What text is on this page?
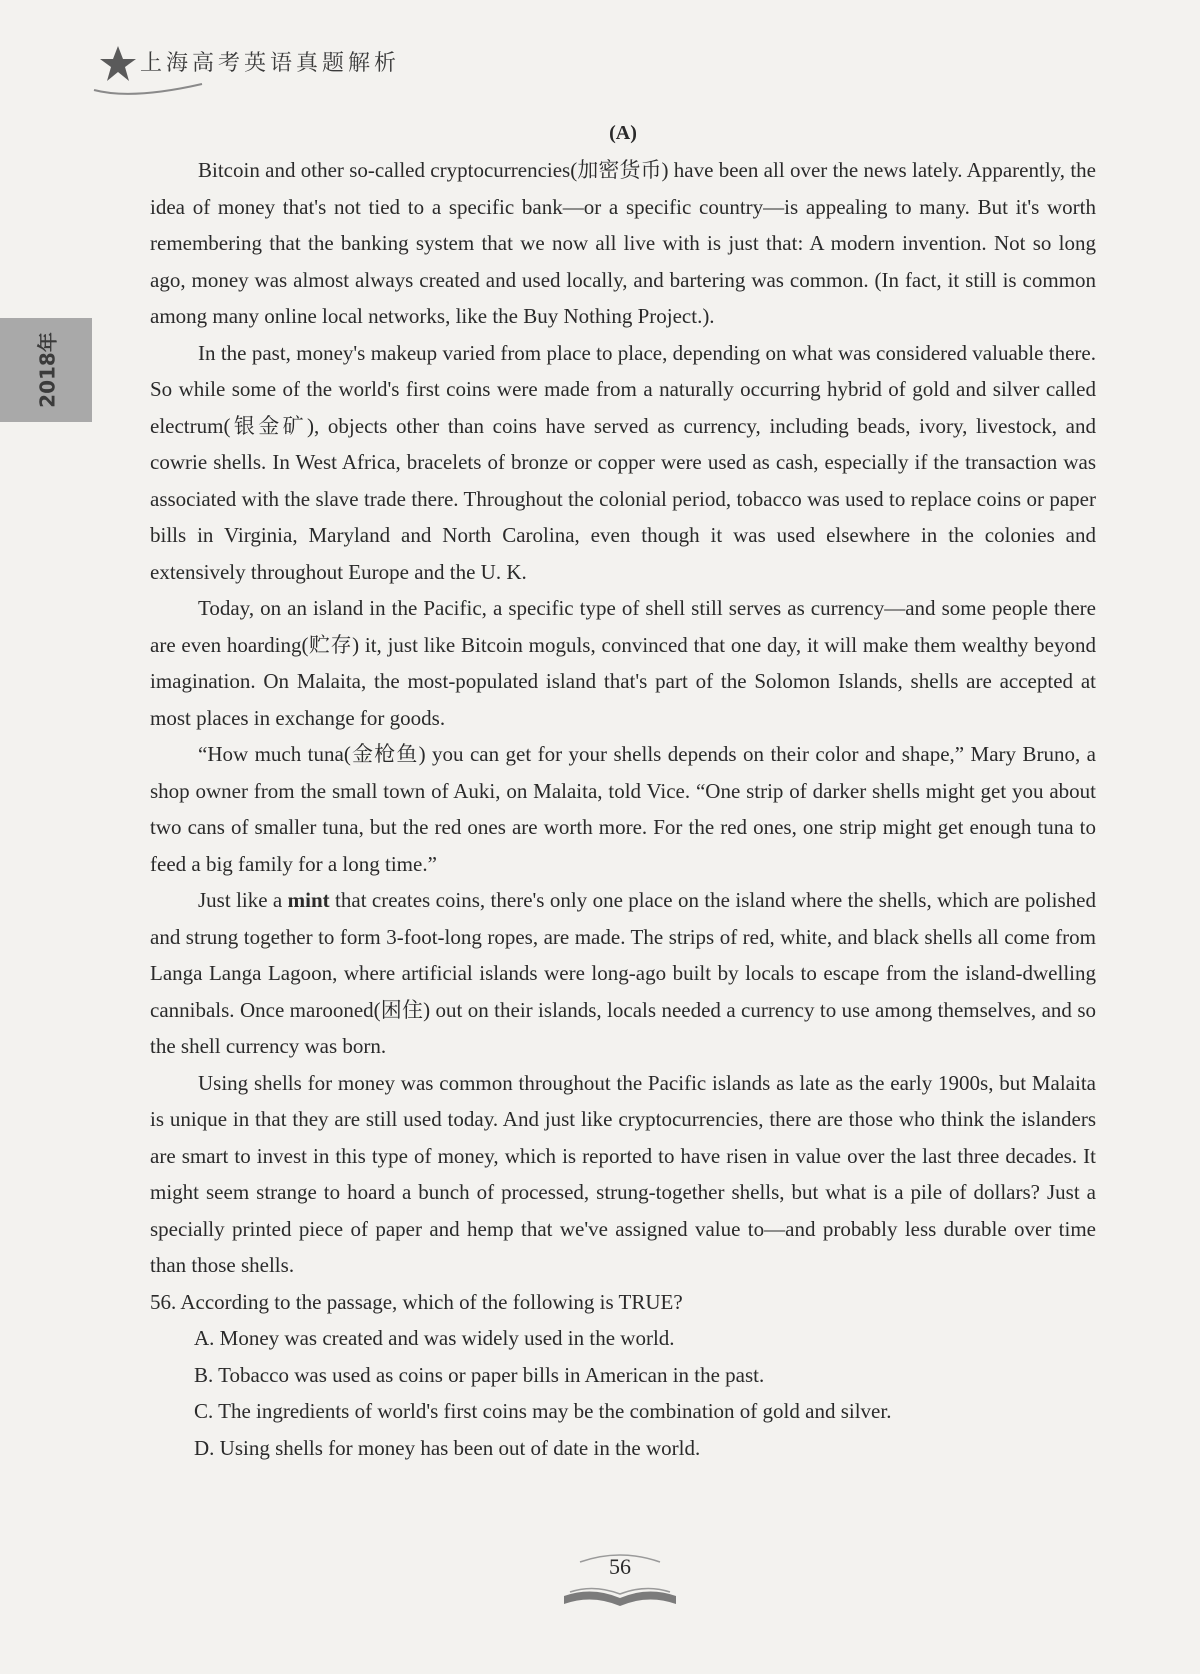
上海高考英语真题解析
2018年
(A)

Bitcoin and other so-called cryptocurrencies(加密货币) have been all over the news lately. Apparently, the idea of money that's not tied to a specific bank—or a specific country—is appealing to many. But it's worth remembering that the banking system that we now all live with is just that: A modern invention. Not so long ago, money was almost always created and used locally, and bartering was common. (In fact, it still is common among many online local networks, like the Buy Nothing Project.).

In the past, money's makeup varied from place to place, depending on what was considered valuable there. So while some of the world's first coins were made from a naturally occurring hybrid of gold and silver called electrum(银金矿), objects other than coins have served as currency, including beads, ivory, livestock, and cowrie shells. In West Africa, bracelets of bronze or copper were used as cash, especially if the transaction was associated with the slave trade there. Throughout the colonial period, tobacco was used to replace coins or paper bills in Virginia, Maryland and North Carolina, even though it was used elsewhere in the colonies and extensively throughout Europe and the U. K.

Today, on an island in the Pacific, a specific type of shell still serves as currency—and some people there are even hoarding(贮存) it, just like Bitcoin moguls, convinced that one day, it will make them wealthy beyond imagination. On Malaita, the most-populated island that's part of the Solomon Islands, shells are accepted at most places in exchange for goods.

“How much tuna(金枪鱼) you can get for your shells depends on their color and shape,” Mary Bruno, a shop owner from the small town of Auki, on Malaita, told Vice. “One strip of darker shells might get you about two cans of smaller tuna, but the red ones are worth more. For the red ones, one strip might get enough tuna to feed a big family for a long time.”

Just like a mint that creates coins, there's only one place on the island where the shells, which are polished and strung together to form 3-foot-long ropes, are made. The strips of red, white, and black shells all come from Langa Langa Lagoon, where artificial islands were long-ago built by locals to escape from the island-dwelling cannibals. Once marooned(困住) out on their islands, locals needed a currency to use among themselves, and so the shell currency was born.

Using shells for money was common throughout the Pacific islands as late as the early 1900s, but Malaita is unique in that they are still used today. And just like cryptocurrencies, there are those who think the islanders are smart to invest in this type of money, which is reported to have risen in value over the last three decades. It might seem strange to hoard a bunch of processed, strung-together shells, but what is a pile of dollars? Just a specially printed piece of paper and hemp that we've assigned value to—and probably less durable over time than those shells.

56. According to the passage, which of the following is TRUE?

A. Money was created and was widely used in the world.
B. Tobacco was used as coins or paper bills in American in the past.
C. The ingredients of world's first coins may be the combination of gold and silver.
D. Using shells for money has been out of date in the world.
56
